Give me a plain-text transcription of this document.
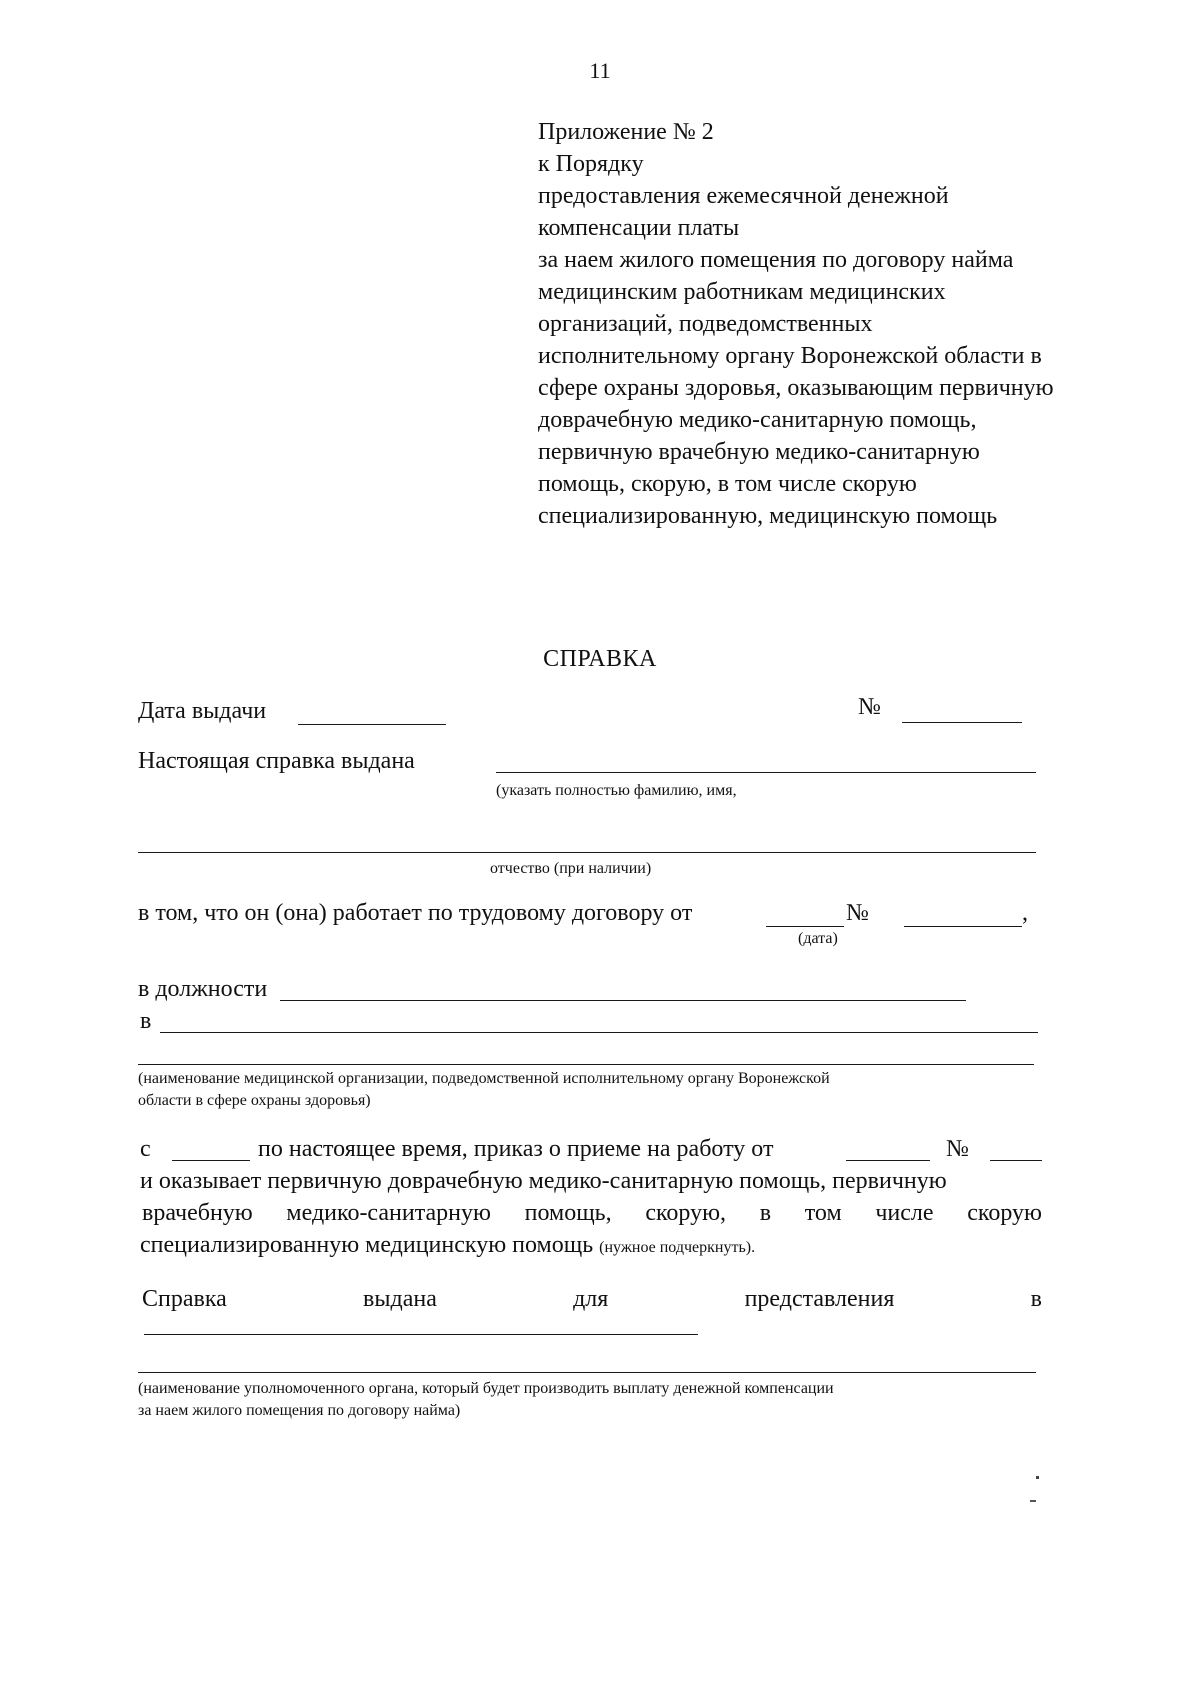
11
Приложение № 2
к Порядку
предоставления ежемесячной денежной
компенсации платы
за наем жилого помещения по договору найма
медицинским работникам медицинских
организаций, подведомственных
исполнительному органу Воронежской области в
сфере охраны здоровья, оказывающим первичную
доврачебную медико-санитарную помощь,
первичную врачебную медико-санитарную
помощь, скорую, в том числе скорую
специализированную, медицинскую помощь
СПРАВКА
Дата выдачи	№
Настоящая справка выдана
(указать полностью фамилию, имя,
отчество (при наличии)
в том, что он (она) работает по трудовому договору от	№	,
(дата)
в должности
в
(наименование медицинской организации, подведомственной исполнительному органу Воронежской
области в сфере охраны здоровья)
с	по настоящее время, приказ о приеме на работу от	№
и оказывает первичную доврачебную медико-санитарную помощь, первичную
врачебную медико-санитарную помощь, скорую, в том числе скорую
специализированную медицинскую помощь (нужное подчеркнуть).
Справка	выдана	для	представления	в
(наименование уполномоченного органа, который будет производить выплату денежной компенсации
за наем жилого помещения по договору найма)
